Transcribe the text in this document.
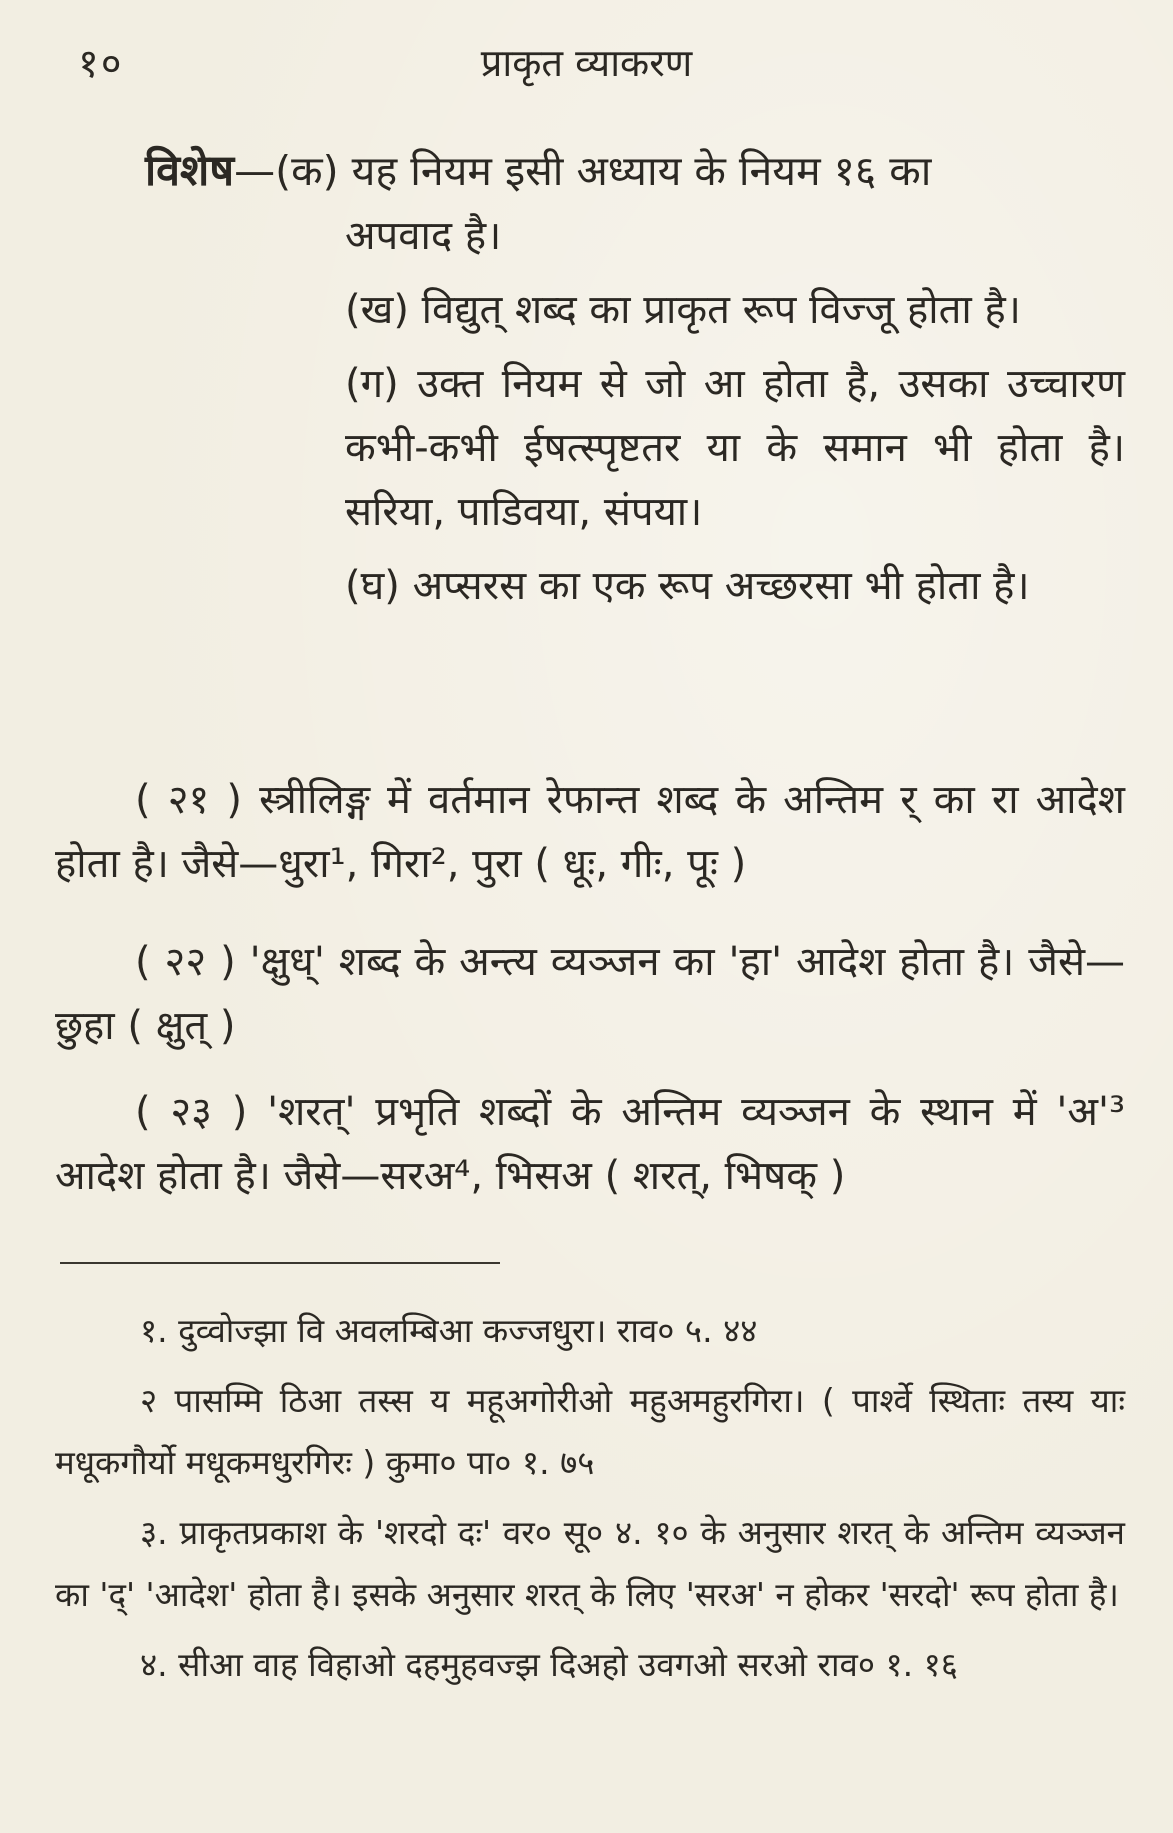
१०	प्राकृत व्याकरण
विशेष—(क) यह नियम इसी अध्याय के नियम १६ का
अपवाद है।
(ख) विद्युत् शब्द का प्राकृत रूप विज्जू होता है।
(ग) उक्त नियम से जो आ होता है, उसका उच्चारण कभी-कभी ईषत्स्पृष्टतर या के समान भी होता है। सरिया, पाडिवया, संपया।
(घ) अप्सरस का एक रूप अच्छरसा भी होता है।

( २१ ) स्त्रीलिङ्ग में वर्तमान रेफान्त शब्द के अन्तिम र् का रा आदेश होता है। जैसे—धुरा¹, गिरा², पुरा ( धूः, गीः, पूः )

( २२ ) 'क्षुध्' शब्द के अन्त्य व्यञ्जन का 'हा' आदेश होता है। जैसे—छुहा ( क्षुत् )

( २३ ) 'शरत्' प्रभृति शब्दों के अन्तिम व्यञ्जन के स्थान में 'अ'³ आदेश होता है। जैसे—सरअ⁴, भिसअ ( शरत्, भिषक् )

१. दुव्वोज्झा वि अवलम्बिआ कज्जधुरा। राव० ५. ४४
२ पासम्मि ठिआ तस्स य महूअगोरीओ महुअमहुरगिरा। ( पार्श्वे स्थिताः तस्य याः मधूकगौर्यो मधूकमधुरगिरः ) कुमा० पा० १. ७५
३. प्राकृतप्रकाश के 'शरदो दः' वर० सू० ४. १० के अनुसार शरत् के अन्तिम व्यञ्जन का 'द्' 'आदेश' होता है। इसके अनुसार शरत् के लिए 'सरअ' न होकर 'सरदो' रूप होता है।
४. सीआ वाह विहाओ दहमुहवज्झ दिअहो उवगओ सरओ राव० १. १६
